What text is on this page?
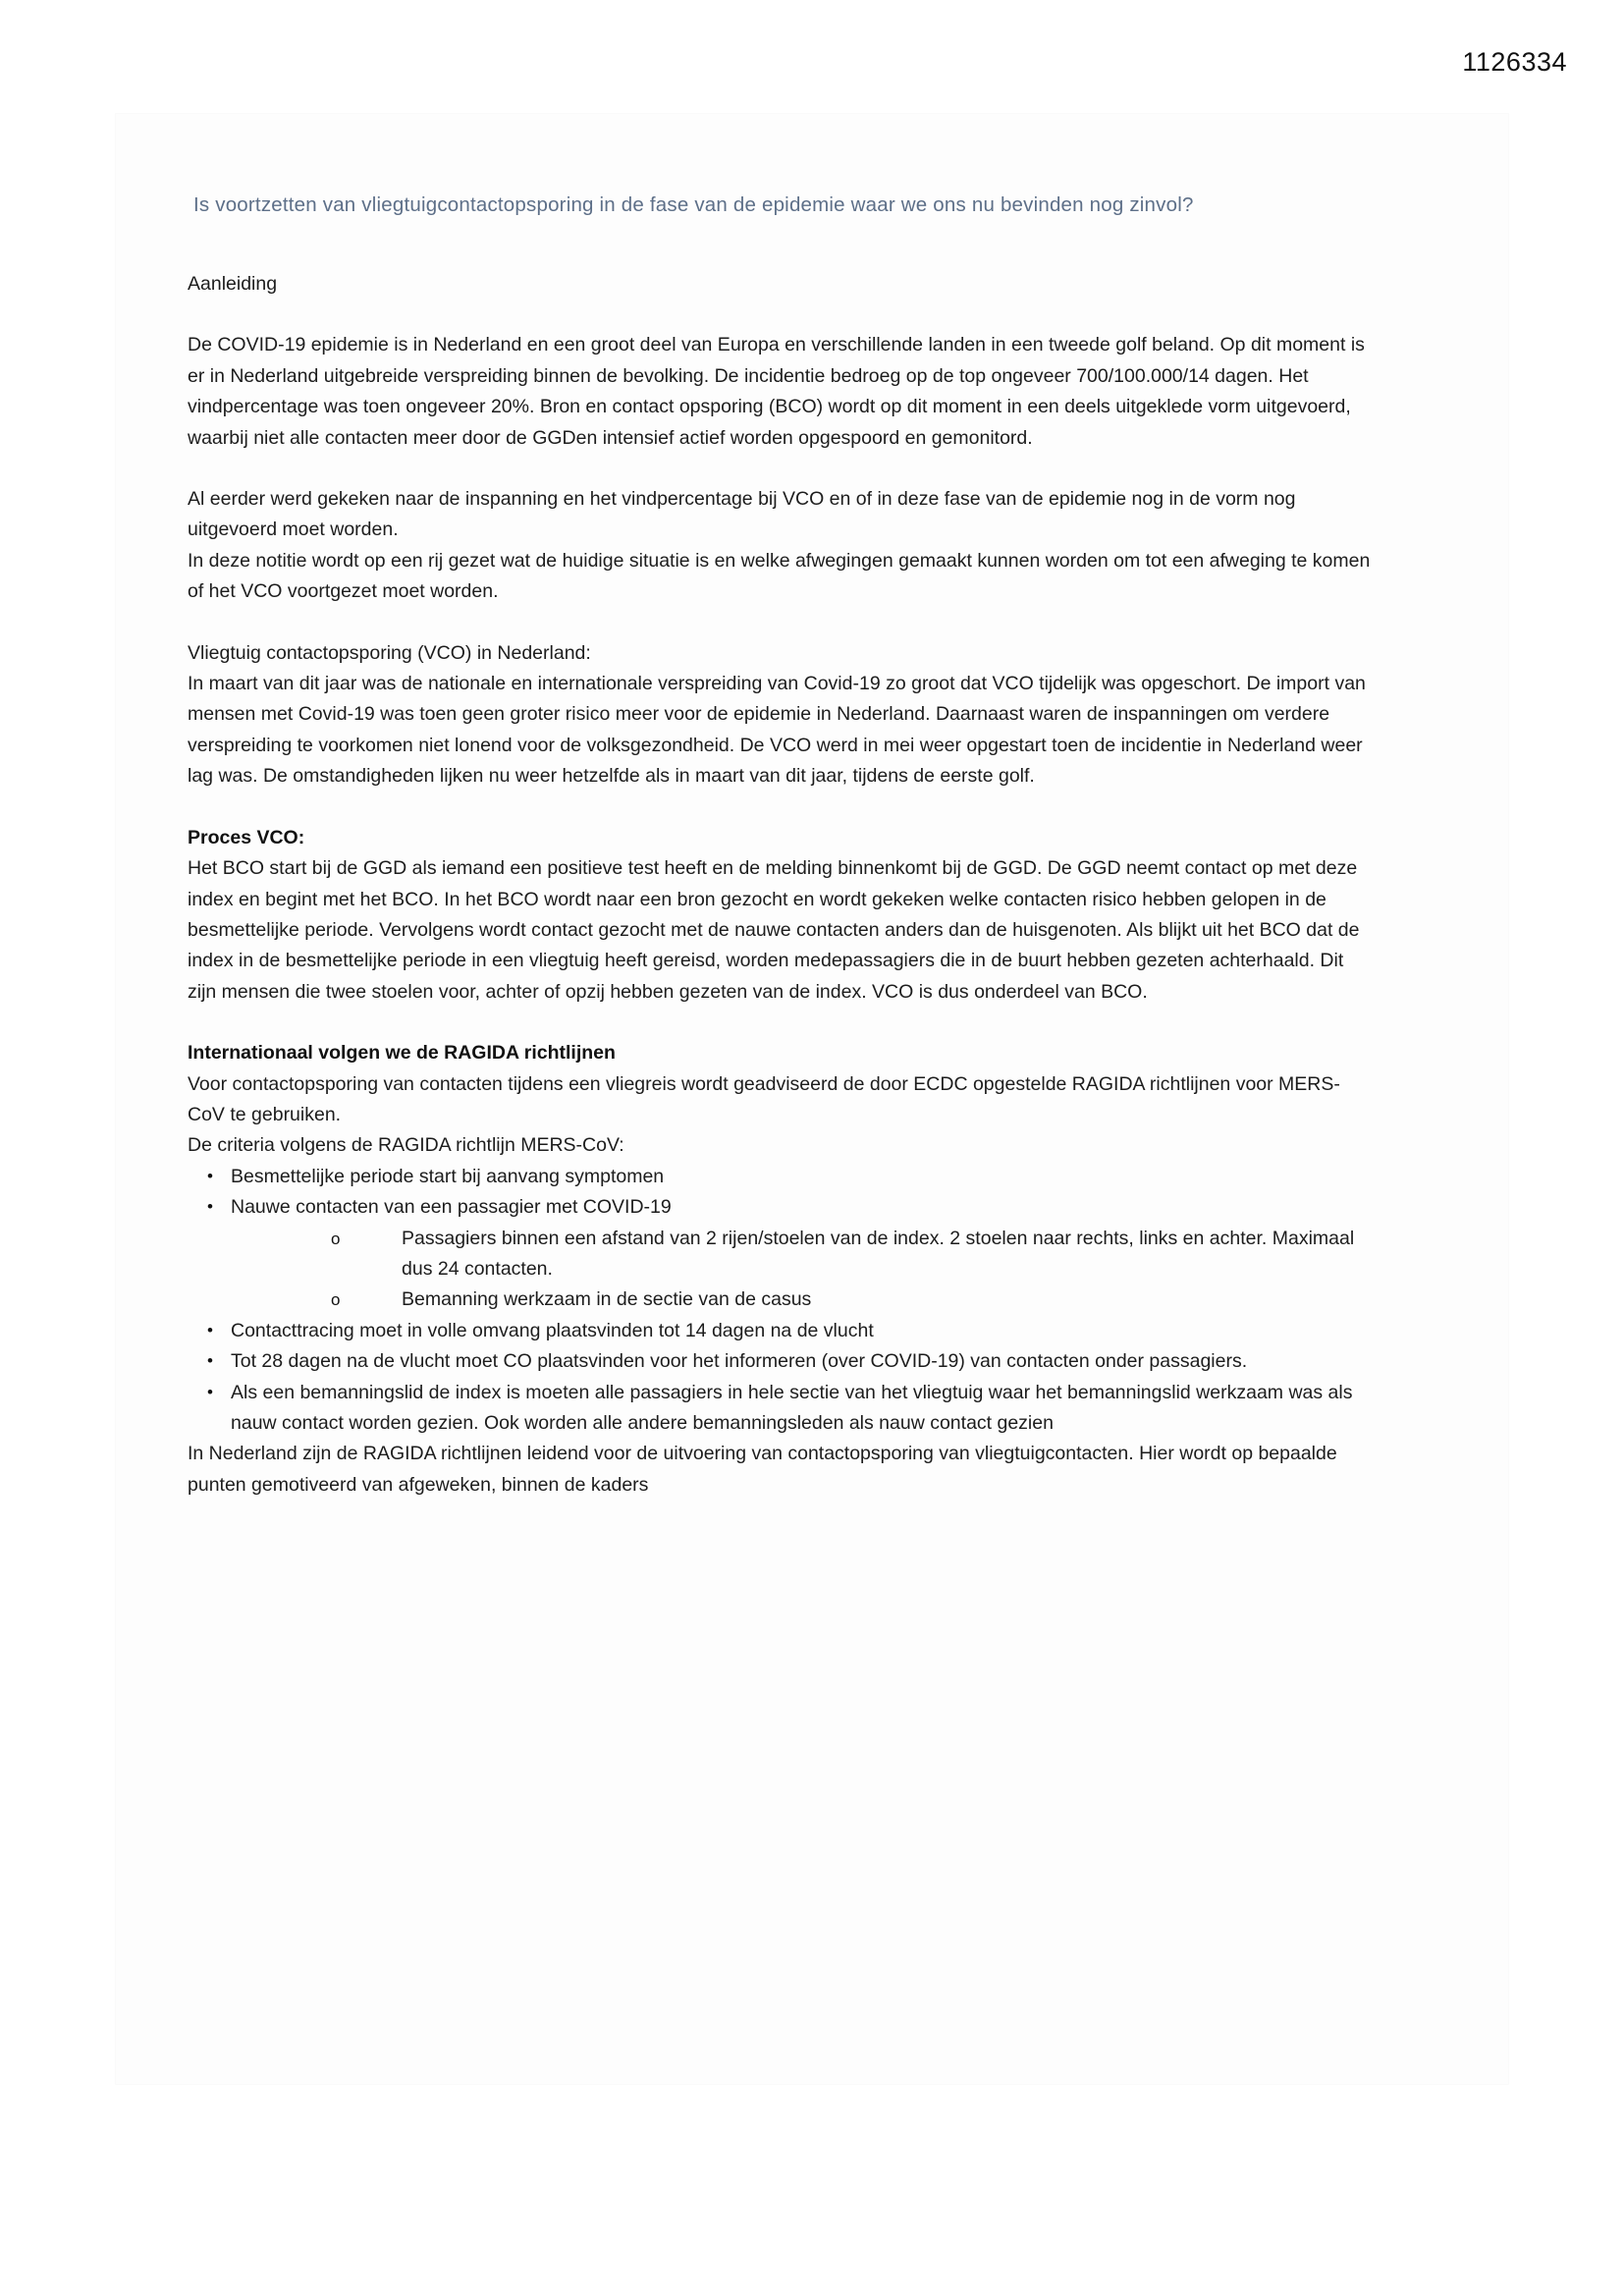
1126334
Is voortzetten van vliegtuigcontactopsporing in de fase van de epidemie waar we ons nu bevinden nog zinvol?
Aanleiding

De COVID-19 epidemie is in Nederland en een groot deel van Europa en verschillende landen in een tweede golf beland. Op dit moment is er in Nederland uitgebreide verspreiding binnen de bevolking. De incidentie bedroeg op de top ongeveer 700/100.000/14 dagen. Het vindpercentage was toen ongeveer 20%. Bron en contact opsporing (BCO) wordt op dit moment in een deels uitgeklede vorm uitgevoerd, waarbij niet alle contacten meer door de GGDen intensief actief worden opgespoord en gemonitord.

Al eerder werd gekeken naar de inspanning en het vindpercentage bij VCO en of in deze fase van de epidemie nog in de vorm nog uitgevoerd moet worden.

In deze notitie wordt op een rij gezet wat de huidige situatie is en welke afwegingen gemaakt kunnen worden om tot een afweging te komen of het VCO voortgezet moet worden.

Vliegtuig contactopsporing (VCO) in Nederland:

In maart van dit jaar was de nationale en internationale verspreiding van Covid-19 zo groot dat VCO tijdelijk was opgeschort. De import van mensen met Covid-19 was toen geen groter risico meer voor de epidemie in Nederland. Daarnaast waren de inspanningen om verdere verspreiding te voorkomen niet lonend voor de volksgezondheid. De VCO werd in mei weer opgestart toen de incidentie in Nederland weer lag was. De omstandigheden lijken nu weer hetzelfde als in maart van dit jaar, tijdens de eerste golf.

Proces VCO:

Het BCO start bij de GGD als iemand een positieve test heeft en de melding binnenkomt bij de GGD. De GGD neemt contact op met deze index en begint met het BCO. In het BCO wordt naar een bron gezocht en wordt gekeken welke contacten risico hebben gelopen in de besmettelijke periode. Vervolgens wordt contact gezocht met de nauwe contacten anders dan de huisgenoten. Als blijkt uit het BCO dat de index in de besmettelijke periode in een vliegtuig heeft gereisd, worden medepassagiers die in de buurt hebben gezeten achterhaald. Dit zijn mensen die twee stoelen voor, achter of opzij hebben gezeten van de index. VCO is dus onderdeel van BCO.

Internationaal volgen we de RAGIDA richtlijnen

Voor contactopsporing van contacten tijdens een vliegreis wordt geadviseerd de door ECDC opgestelde RAGIDA richtlijnen voor MERS-CoV te gebruiken.

De criteria volgens de RAGIDA richtlijn MERS-CoV:
• Besmettelijke periode start bij aanvang symptomen
• Nauwe contacten van een passagier met COVID-19
o	Passagiers binnen een afstand van 2 rijen/stoelen van de index. 2 stoelen naar rechts, links en achter. Maximaal dus 24 contacten.
o	Bemanning werkzaam in de sectie van de casus
• Contacttracing moet in volle omvang plaatsvinden tot 14 dagen na de vlucht
• Tot 28 dagen na de vlucht moet CO plaatsvinden voor het informeren (over COVID-19) van contacten onder passagiers.
• Als een bemanningslid de index is moeten alle passagiers in hele sectie van het vliegtuig waar het bemanningslid werkzaam was als nauw contact worden gezien. Ook worden alle andere bemanningsleden als nauw contact gezien

In Nederland zijn de RAGIDA richtlijnen leidend voor de uitvoering van contactopsporing van vliegtuigcontacten. Hier wordt op bepaalde punten gemotiveerd van afgeweken, binnen de kaders
